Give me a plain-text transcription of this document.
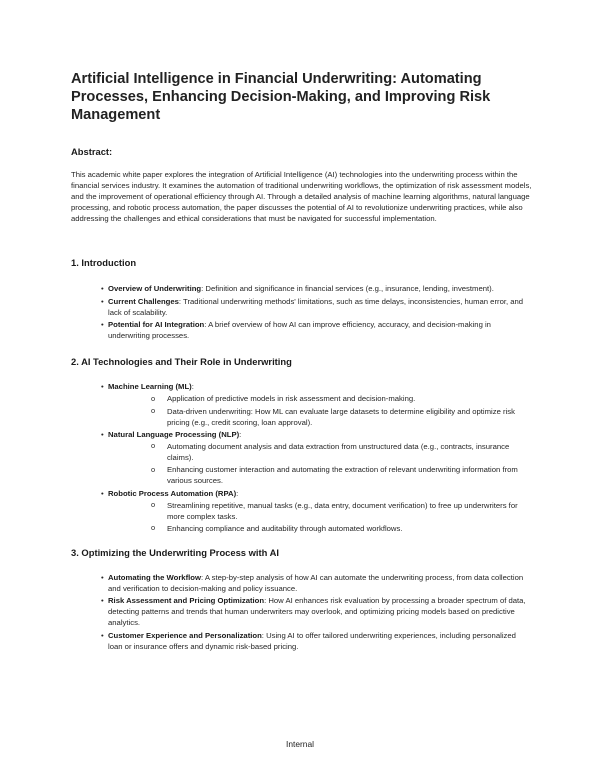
Artificial Intelligence in Financial Underwriting: Automating Processes, Enhancing Decision-Making, and Improving Risk Management
Abstract:

This academic white paper explores the integration of Artificial Intelligence (AI) technologies into the underwriting process within the financial services industry. It examines the automation of traditional underwriting workflows, the optimization of risk assessment models, and the improvement of operational efficiency through AI. Through a detailed analysis of machine learning algorithms, natural language processing, and robotic process automation, the paper discusses the potential of AI to revolutionize underwriting practices, while also addressing the challenges and ethical considerations that must be navigated for successful implementation.

1. Introduction
• Overview of Underwriting: Definition and significance in financial services (e.g., insurance, lending, investment).
• Current Challenges: Traditional underwriting methods' limitations, such as time delays, inconsistencies, human error, and lack of scalability.
• Potential for AI Integration: A brief overview of how AI can improve efficiency, accuracy, and decision-making in underwriting processes.
2. AI Technologies and Their Role in Underwriting
• Machine Learning (ML):
o Application of predictive models in risk assessment and decision-making.
o Data-driven underwriting: How ML can evaluate large datasets to determine eligibility and optimize risk pricing (e.g., credit scoring, loan approval).
• Natural Language Processing (NLP):
o Automating document analysis and data extraction from unstructured data (e.g., contracts, insurance claims).
o Enhancing customer interaction and automating the extraction of relevant underwriting information from various sources.
• Robotic Process Automation (RPA):
o Streamlining repetitive, manual tasks (e.g., data entry, document verification) to free up underwriters for more complex tasks.
o Enhancing compliance and auditability through automated workflows.
3. Optimizing the Underwriting Process with AI
• Automating the Workflow: A step-by-step analysis of how AI can automate the underwriting process, from data collection and verification to decision-making and policy issuance.
• Risk Assessment and Pricing Optimization: How AI enhances risk evaluation by processing a broader spectrum of data, detecting patterns and trends that human underwriters may overlook, and optimizing pricing models based on predictive analytics.
• Customer Experience and Personalization: Using AI to offer tailored underwriting experiences, including personalized loan or insurance offers and dynamic risk-based pricing.
Internal
